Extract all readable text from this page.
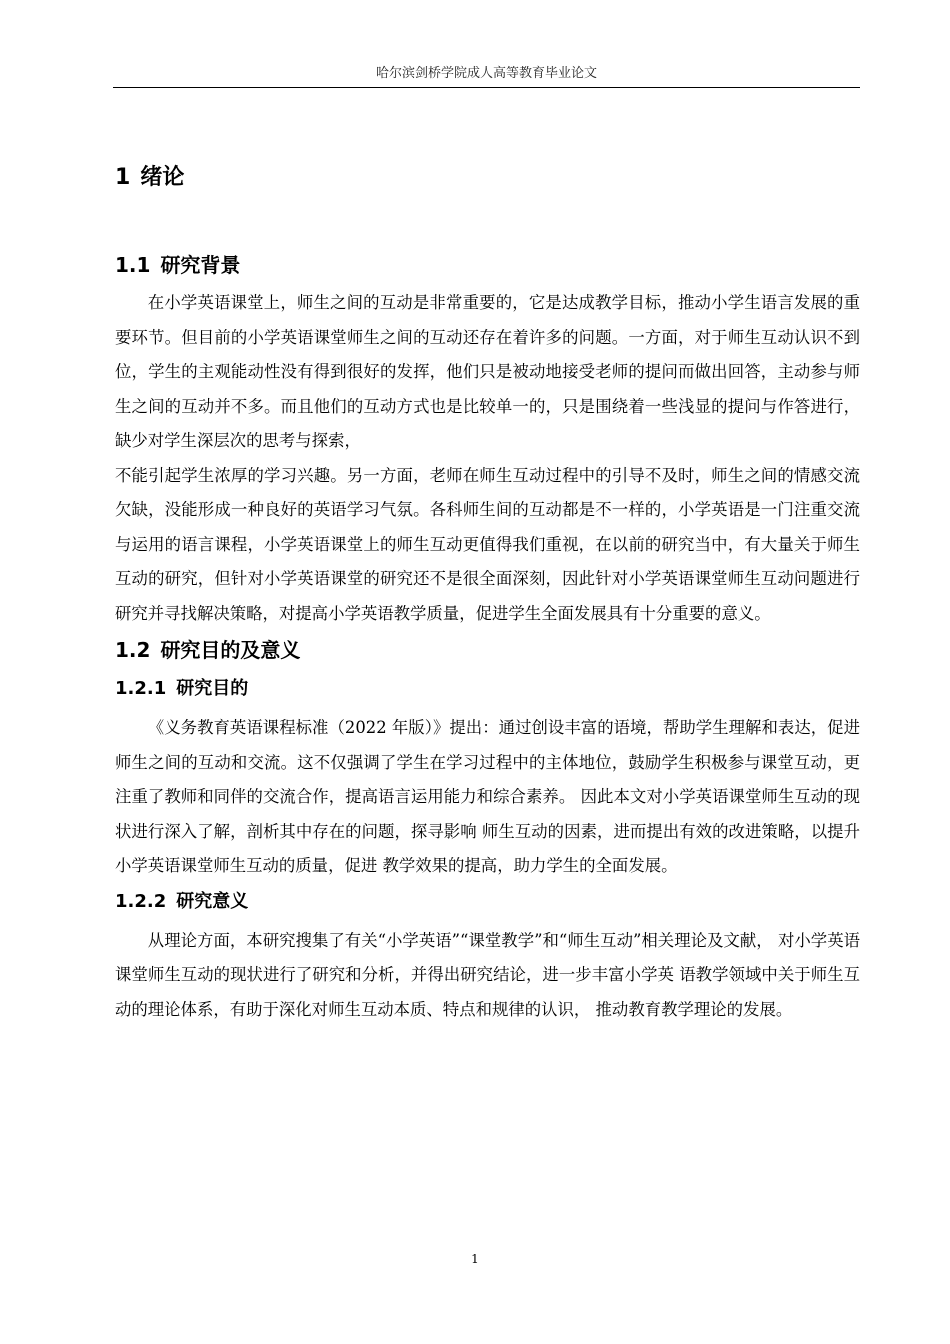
哈尔滨剑桥学院成人高等教育毕业论文
1 绪论
1.1 研究背景

在小学英语课堂上，师生之间的互动是非常重要的，它是达成教学目标，推动小学生语言发展的重要环节。但目前的小学英语课堂师生之间的互动还存在着许多的问题。一方面，对于师生互动认识不到位，学生的主观能动性没有得到很好的发挥，他们只是被动地接受老师的提问而做出回答，主动参与师生之间的互动并不多。而且他们的互动方式也是比较单一的，只是围绕着一些浅显的提问与作答进行，缺少对学生深层次的思考与探索，

不能引起学生浓厚的学习兴趣。另一方面，老师在师生互动过程中的引导不及时，师生之间的情感交流欠缺，没能形成一种良好的英语学习气氛。各科师生间的互动都是不一样的，小学英语是一门注重交流与运用的语言课程，小学英语课堂上的师生互动更值得我们重视，在以前的研究当中，有大量关于师生互动的研究，但针对小学英语课堂的研究还不是很全面深刻，因此针对小学英语课堂师生互动问题进行研究并寻找解决策略，对提高小学英语教学质量，促进学生全面发展具有十分重要的意义。

1.2 研究目的及意义
1.2.1 研究目的

《义务教育英语课程标准（2022 年版）》提出：通过创设丰富的语境，帮助学生理解和表达，促进师生之间的互动和交流。这不仅强调了学生在学习过程中的主体地位，鼓励学生积极参与课堂互动，更注重了教师和同伴的交流合作，提高语言运用能力和综合素养。 因此本文对小学英语课堂师生互动的现状进行深入了解，剖析其中存在的问题，探寻影响 师生互动的因素，进而提出有效的改进策略，以提升小学英语课堂师生互动的质量，促进 教学效果的提高，助力学生的全面发展。

1.2.2 研究意义

从理论方面，本研究搜集了有关“小学英语”“课堂教学”和“师生互动”相关理论及文献， 对小学英语课堂师生互动的现状进行了研究和分析，并得出研究结论，进一步丰富小学英 语教学领域中关于师生互动的理论体系，有助于深化对师生互动本质、特点和规律的认识， 推动教育教学理论的发展。

1
